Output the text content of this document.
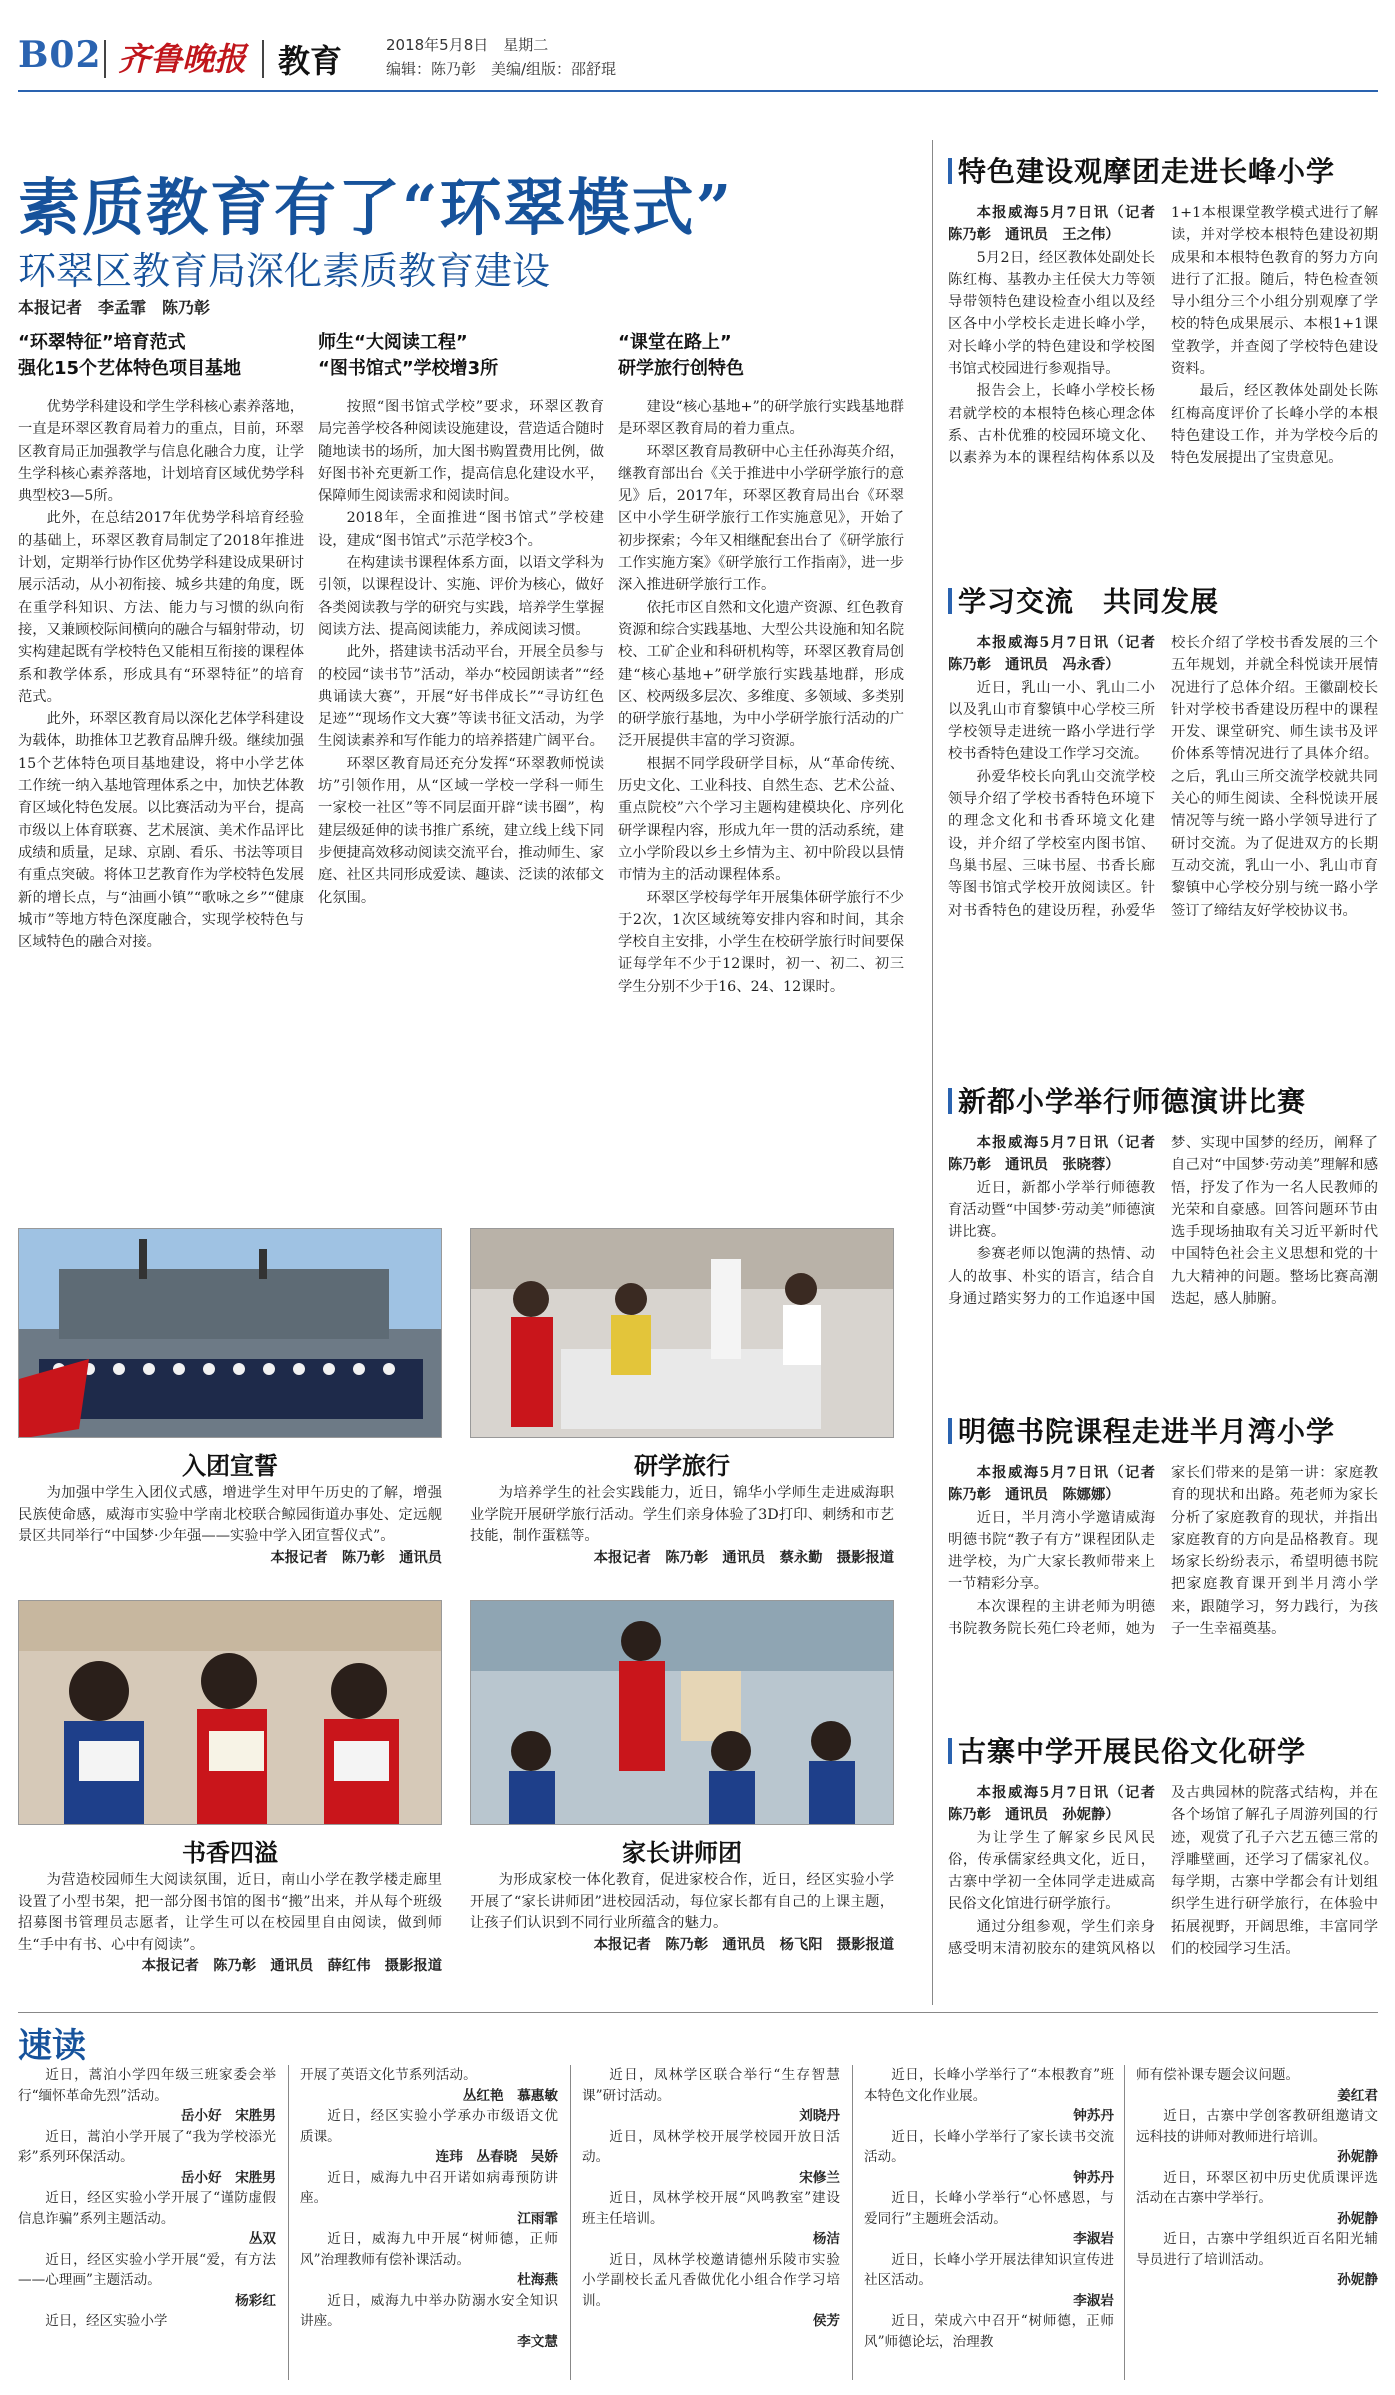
B02 齐鲁晚报 教育	2018年5月8日　星期二
编辑：陈乃彰　美编/组版：邵舒琨
素质教育有了“环翠模式”
环翠区教育局深化素质教育建设
本报记者　李孟霏　陈乃彰
“环翠特征”培育范式
强化15个艺体特色项目基地

优势学科建设和学生学科核心素养落地，一直是环翠区教育局着力的重点，目前，环翠区教育局正加强教学与信息化融合力度，让学生学科核心素养落地，计划培育区域优势学科典型校3—5所。

此外，在总结2017年优势学科培育经验的基础上，环翠区教育局制定了2018年推进计划，定期举行协作区优势学科建设成果研讨展示活动，从小初衔接、城乡共建的角度，既在重学科知识、方法、能力与习惯的纵向衔接，又兼顾校际间横向的融合与辐射带动，切实构建起既有学校特色又能相互衔接的课程体系和教学体系，形成具有“环翠特征”的培育范式。

此外，环翠区教育局以深化艺体学科建设为载体，助推体卫艺教育品牌升级。继续加强15个艺体特色项目基地建设，将中小学艺体工作统一纳入基地管理体系之中，加快艺体教育区域化特色发展。以比赛活动为平台，提高市级以上体育联赛、艺术展演、美术作品评比成绩和质量，足球、京剧、看乐、书法等项目有重点突破。将体卫艺教育作为学校特色发展新的增长点，与“油画小镇”“歌咏之乡”“健康城市”等地方特色深度融合，实现学校特色与区域特色的融合对接。

师生“大阅读工程”
“图书馆式”学校增3所

按照“图书馆式学校”要求，环翠区教育局完善学校各种阅读设施建设，营造适合随时随地读书的场所，加大图书购置费用比例，做好图书补充更新工作，提高信息化建设水平，保障师生阅读需求和阅读时间。

2018年，全面推进“图书馆式”学校建设，建成“图书馆式”示范学校3个。

在构建读书课程体系方面，以语文学科为引领，以课程设计、实施、评价为核心，做好各类阅读教与学的研究与实践，培养学生掌握阅读方法、提高阅读能力，养成阅读习惯。

此外，搭建读书活动平台，开展全员参与的校园“读书节”活动，举办“校园朗读者”“经典诵读大赛”，开展“好书伴成长”“寻访红色足迹”“现场作文大赛”等读书征文活动，为学生阅读素养和写作能力的培养搭建广阔平台。

环翠区教育局还充分发挥“环翠教师悦读坊”引领作用，从“区域一学校一学科一师生一家校一社区”等不同层面开辟“读书圈”，构建层级延伸的读书推广系统，建立线上线下同步便捷高效移动阅读交流平台，推动师生、家庭、社区共同形成爱读、趣读、泛读的浓郁文化氛围。

“课堂在路上”
研学旅行创特色

建设“核心基地+”的研学旅行实践基地群是环翠区教育局的着力重点。

环翠区教育局教研中心主任孙海英介绍，继教育部出台《关于推进中小学研学旅行的意见》后，2017年，环翠区教育局出台《环翠区中小学生研学旅行工作实施意见》，开始了初步探索；今年又相继配套出台了《研学旅行工作实施方案》《研学旅行工作指南》，进一步深入推进研学旅行工作。

依托市区自然和文化遗产资源、红色教育资源和综合实践基地、大型公共设施和知名院校、工矿企业和科研机构等，环翠区教育局创建“核心基地+”研学旅行实践基地群，形成区、校两级多层次、多维度、多领域、多类别的研学旅行基地，为中小学研学旅行活动的广泛开展提供丰富的学习资源。

根据不同学段研学目标，从“革命传统、历史文化、工业科技、自然生态、艺术公益、重点院校”六个学习主题构建模块化、序列化研学课程内容，形成九年一贯的活动系统，建立小学阶段以乡土乡情为主、初中阶段以县情市情为主的活动课程体系。

环翠区学校每学年开展集体研学旅行不少于2次，1次区域统筹安排内容和时间，其余学校自主安排，小学生在校研学旅行时间要保证每学年不少于12课时，初一、初二、初三学生分别不少于16、24、12课时。

入团宣誓	研学旅行

为加强中学生入团仪式感，增进学生对甲午历史的了解，增强民族使命感，威海市实验中学南北校联合鲸园街道办事处、定远舰景区共同举行“中国梦·少年强——实验中学入团宣誓仪式”。

本报记者　陈乃彰　通讯员

为培养学生的社会实践能力，近日，锦华小学师生走进威海职业学院开展研学旅行活动。学生们亲身体验了3D打印、刺绣和市艺技能，制作蛋糕等。

本报记者　陈乃彰　通讯员　蔡永勤　摄影报道
书香四溢	家长讲师团

为营造校园师生大阅读氛围，近日，南山小学在教学楼走廊里设置了小型书架，把一部分图书馆的图书“搬”出来，并从每个班级招募图书管理员志愿者，让学生可以在校园里自由阅读，做到师生“手中有书、心中有阅读”。

本报记者　陈乃彰　通讯员　薛红伟　摄影报道

为形成家校一体化教育，促进家校合作，近日，经区实验小学开展了“家长讲师团”进校园活动，每位家长都有自己的上课主题，让孩子们认识到不同行业所蕴含的魅力。

本报记者　陈乃彰　通讯员　杨飞阳　摄影报道
特色建设观摩团走进长峰小学

本报威海5月7日讯（记者　陈乃彰　通讯员　王之伟）

5月2日，经区教体处副处长陈红梅、基教办主任侯大力等领导带领特色建设检查小组以及经区各中小学校长走进长峰小学，对长峰小学的特色建设和学校图书馆式校园进行参观指导。

报告会上，长峰小学校长杨君就学校的本根特色核心理念体系、古朴优雅的校园环境文化、以素养为本的课程结构体系以及1+1本根课堂教学模式进行了解读，并对学校本根特色建设初期成果和本根特色教育的努力方向进行了汇报。随后，特色检查领导小组分三个小组分别观摩了学校的特色成果展示、本根1+1课堂教学，并查阅了学校特色建设资料。

最后，经区教体处副处长陈红梅高度评价了长峰小学的本根特色建设工作，并为学校今后的特色发展提出了宝贵意见。

学习交流　共同发展

本报威海5月7日讯（记者　陈乃彰　通讯员　冯永香）

近日，乳山一小、乳山二小以及乳山市育黎镇中心学校三所学校领导走进统一路小学进行学校书香特色建设工作学习交流。

孙爱华校长向乳山交流学校领导介绍了学校书香特色环境下的理念文化和书香环境文化建设，并介绍了学校室内图书馆、鸟巢书屋、三味书屋、书香长廊等图书馆式学校开放阅读区。针对书香特色的建设历程，孙爱华校长介绍了学校书香发展的三个五年规划，并就全科悦读开展情况进行了总体介绍。王徽副校长针对学校书香建设历程中的课程开发、课堂研究、师生读书及评价体系等情况进行了具体介绍。之后，乳山三所交流学校就共同关心的师生阅读、全科悦读开展情况等与统一路小学领导进行了研讨交流。为了促进双方的长期互动交流，乳山一小、乳山市育黎镇中心学校分别与统一路小学签订了缔结友好学校协议书。

新都小学举行师德演讲比赛

本报威海5月7日讯（记者　陈乃彰　通讯员　张晓蓉）

近日，新都小学举行师德教育活动暨“中国梦·劳动美”师德演讲比赛。

参赛老师以饱满的热情、动人的故事、朴实的语言，结合自身通过踏实努力的工作追逐中国梦、实现中国梦的经历，阐释了自己对“中国梦·劳动美”理解和感悟，抒发了作为一名人民教师的光荣和自豪感。回答问题环节由选手现场抽取有关习近平新时代中国特色社会主义思想和党的十九大精神的问题。整场比赛高潮迭起，感人肺腑。

明德书院课程走进半月湾小学

本报威海5月7日讯（记者　陈乃彰　通讯员　陈娜娜）

近日，半月湾小学邀请威海明德书院“教子有方”课程团队走进学校，为广大家长教师带来上一节精彩分享。

本次课程的主讲老师为明德书院教务院长苑仁玲老师，她为家长们带来的是第一讲：家庭教育的现状和出路。苑老师为家长分析了家庭教育的现状，并指出家庭教育的方向是品格教育。现场家长纷纷表示，希望明德书院把家庭教育课开到半月湾小学来，跟随学习，努力践行，为孩子一生幸福奠基。

古寨中学开展民俗文化研学

本报威海5月7日讯（记者　陈乃彰　通讯员　孙妮静）

为让学生了解家乡民风民俗，传承儒家经典文化，近日，古寨中学初一全体同学走进威高民俗文化馆进行研学旅行。

通过分组参观，学生们亲身感受明末清初胶东的建筑风格以及古典园林的院落式结构，并在各个场馆了解孔子周游列国的行迹，观赏了孔子六艺五德三常的浮雕壁画，还学习了儒家礼仪。每学期，古寨中学都会有计划组织学生进行研学旅行，在体验中拓展视野，开阔思维，丰富同学们的校园学习生活。

速读
近日，蒿泊小学四年级三班家委会举行“缅怀革命先烈”活动。
岳小好　宋胜男
近日，蒿泊小学开展了“我为学校添光彩”系列环保活动。
岳小好　宋胜男
近日，经区实验小学开展了“谨防虚假信息诈骗”系列主题活动。
丛双
近日，经区实验小学开展“爱，有方法——心理画”主题活动。
杨彩红
近日，经区实验小学
开展了英语文化节系列活动。
丛红艳　慕惠敏
近日，经区实验小学承办市级语文优质课。
连玮　丛春晓　吴娇
近日，威海九中召开诺如病毒预防讲座。
江雨霏
近日，威海九中开展“树师德，正师风”治理教师有偿补课活动。
杜海燕
近日，威海九中举办防溺水安全知识讲座。
李文慧
近日，凤林学区联合举行“生存智慧课”研讨活动。
刘晓丹
近日，凤林学校开展学校园开放日活动。
宋修兰
近日，凤林学校开展“风鸣教室”建设班主任培训。
杨洁
近日，凤林学校邀请德州乐陵市实验小学副校长孟凡香做优化小组合作学习培训。
侯芳
近日，长峰小学举行了“本根教育”班本特色文化作业展。
钟苏丹
近日，长峰小学举行了家长读书交流活动。
钟苏丹
近日，长峰小学举行“心怀感恩，与爱同行”主题班会活动。
李淑岩
近日，长峰小学开展法律知识宣传进社区活动。
李淑岩
近日，荣成六中召开“树师德，正师风”师德论坛，治理教
师有偿补课专题会议问题。
姜红君
近日，古寨中学创客教研组邀请文远科技的讲师对教师进行培训。
孙妮静
近日，环翠区初中历史优质课评选活动在古寨中学举行。
孙妮静
近日，古寨中学组织近百名阳光辅导员进行了培训活动。
孙妮静
